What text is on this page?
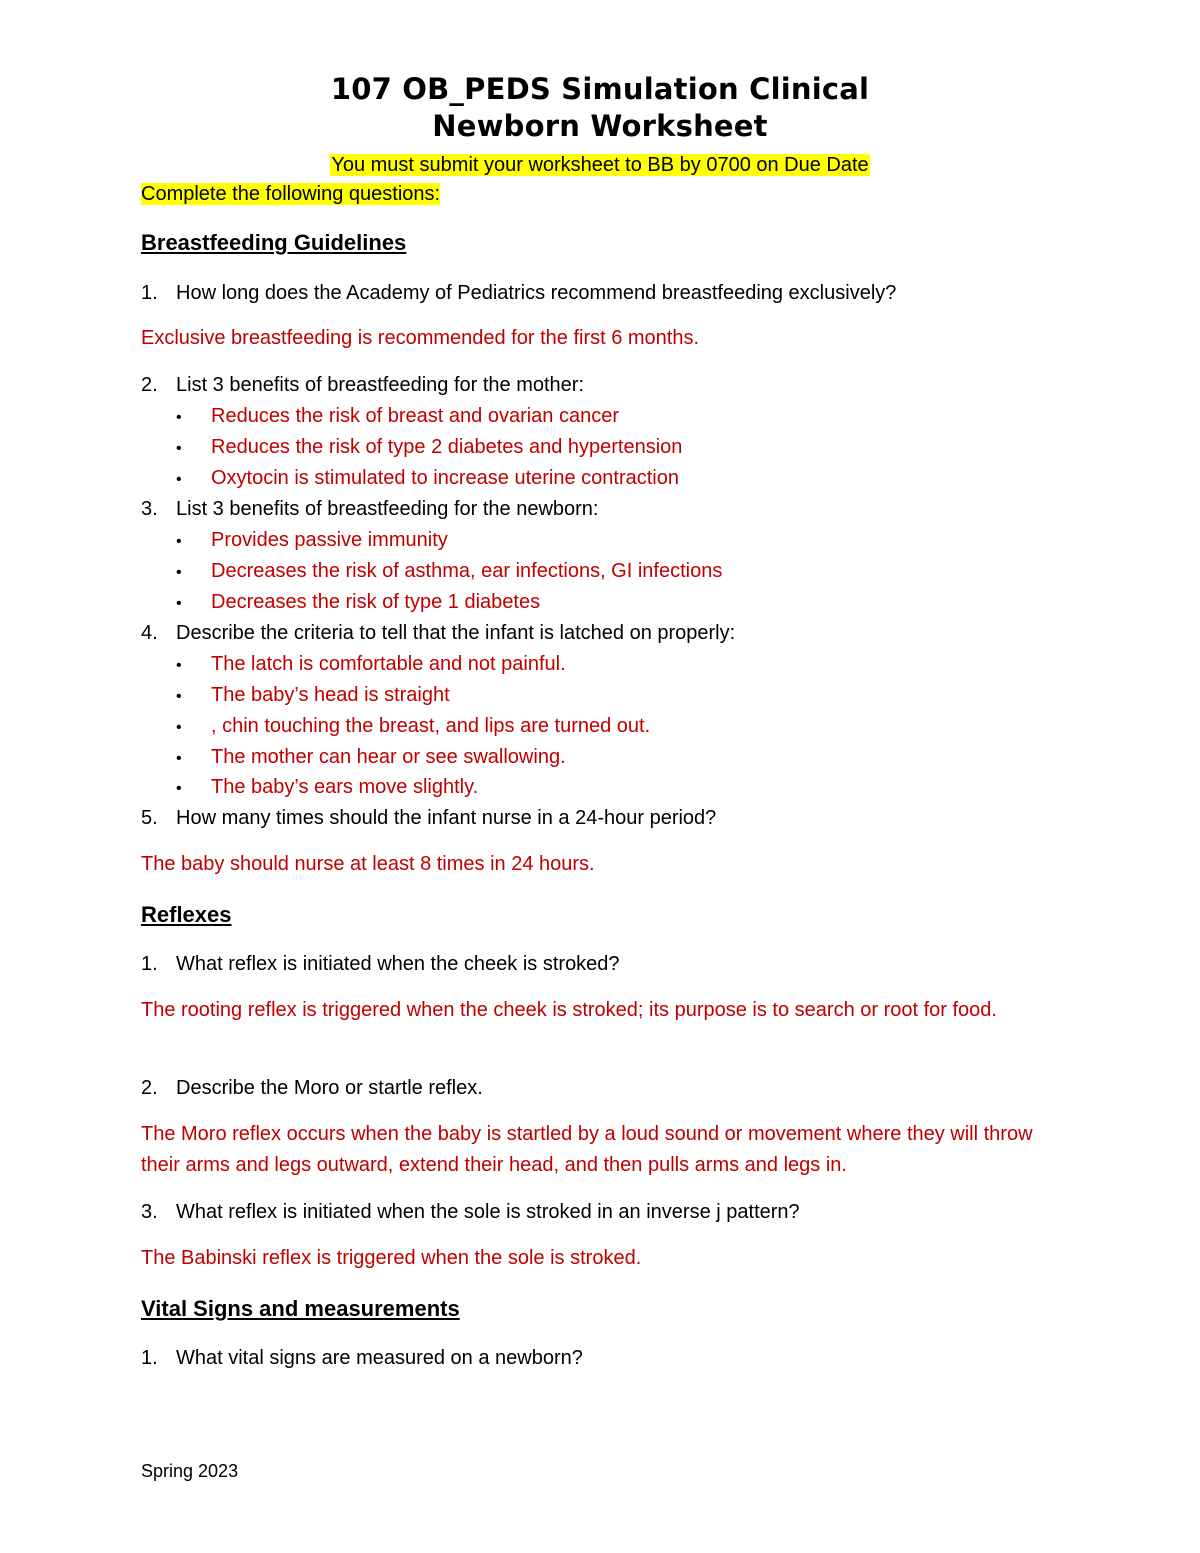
107 OB_PEDS Simulation Clinical
Newborn Worksheet
You must submit your worksheet to BB by 0700 on Due Date
Complete the following questions:
Breastfeeding Guidelines
1. How long does the Academy of Pediatrics recommend breastfeeding exclusively?
Exclusive breastfeeding is recommended for the first 6 months.
2. List 3 benefits of breastfeeding for the mother:
• Reduces the risk of breast and ovarian cancer
• Reduces the risk of type 2 diabetes and hypertension
• Oxytocin is stimulated to increase uterine contraction
3. List 3 benefits of breastfeeding for the newborn:
• Provides passive immunity
• Decreases the risk of asthma, ear infections, GI infections
• Decreases the risk of type 1 diabetes
4. Describe the criteria to tell that the infant is latched on properly:
• The latch is comfortable and not painful.
• The baby’s head is straight
• , chin touching the breast, and lips are turned out.
• The mother can hear or see swallowing.
• The baby’s ears move slightly.
5. How many times should the infant nurse in a 24-hour period?
The baby should nurse at least 8 times in 24 hours.
Reflexes
1. What reflex is initiated when the cheek is stroked?
The rooting reflex is triggered when the cheek is stroked; its purpose is to search or root for food.
2. Describe the Moro or startle reflex.
The Moro reflex occurs when the baby is startled by a loud sound or movement where they will throw their arms and legs outward, extend their head, and then pulls arms and legs in.
3. What reflex is initiated when the sole is stroked in an inverse j pattern?
The Babinski reflex is triggered when the sole is stroked.
Vital Signs and measurements
1. What vital signs are measured on a newborn?
Spring 2023
